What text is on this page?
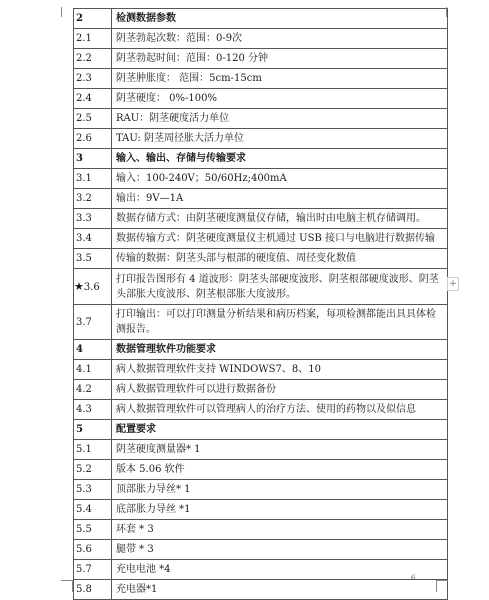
2	检测数据参数
2.1	阴茎勃起次数：范围：0-9次
2.2	阴茎勃起时间：范围：0-120 分钟
2.3	阴茎肿胀度： 范围：5cm-15cm
2.4	阴茎硬度： 0%-100%
2.5	RAU：阴茎硬度活力单位
2.6	TAU: 阴茎周径胀大活力单位
3	输入、输出、存储与传输要求
3.1	输入：100-240V；50/60Hz;400mA
3.2	输出：9V—1A
3.3	数据存储方式：由阴茎硬度测量仪存储，输出时由电脑主机存储调用。
3.4	数据传输方式：阴茎硬度测量仪主机通过 USB 接口与电脑进行数据传输
3.5	传输的数据：阴茎头部与根部的硬度值、周径变化数值
★3.6	打印报告图形有 4 道波形：阴茎头部硬度波形、阴茎根部硬度波形、阴茎头部胀大度波形、阴茎根部胀大度波形。
3.7	打印输出：可以打印测量分析结果和病历档案，每项检测都能出具具体检测报告。
4	数据管理软件功能要求
4.1	病人数据管理软件支持 WINDOWS7、8、10
4.2	病人数据管理软件可以进行数据备份
4.3	病人数据管理软件可以管理病人的治疗方法、使用的药物以及似信息
5	配置要求
5.1	阴茎硬度测量器* 1
5.2	版本 5.06 软件
5.3	顶部胀力导丝* 1
5.4	底部胀力导丝 *1
5.5	环套 * 3
5.6	腿带 * 3
5.7	充电电池 *4
5.8	充电器*1
+
6
